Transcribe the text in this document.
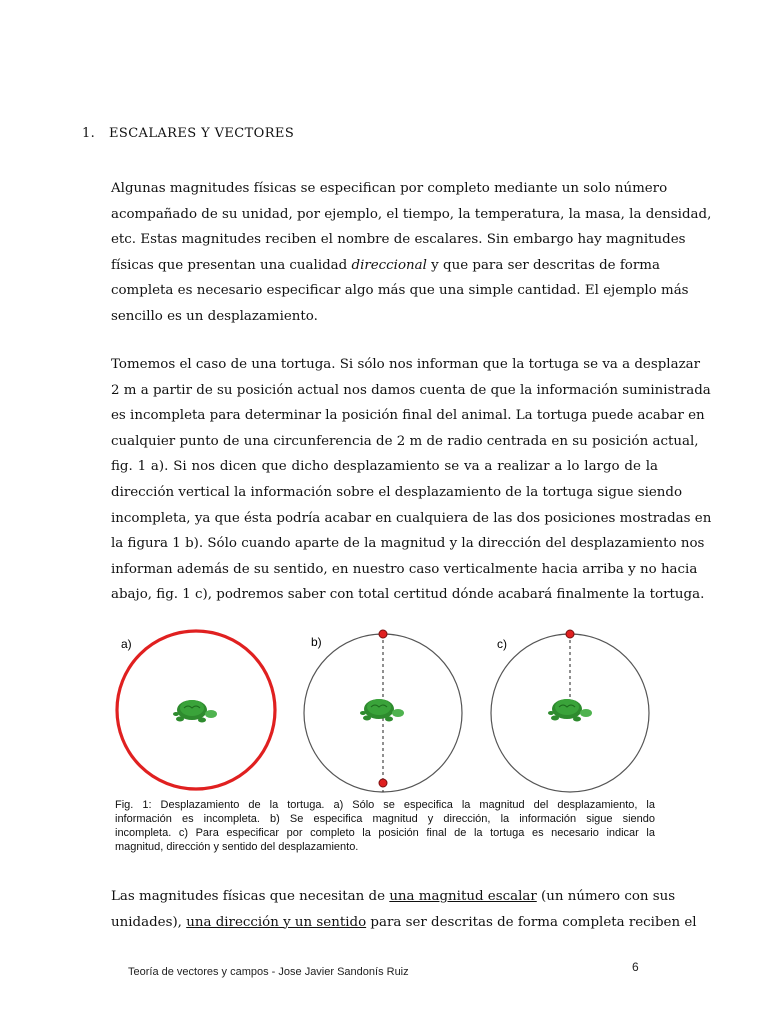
1. ESCALARES Y VECTORES

Algunas magnitudes físicas se especifican por completo mediante un solo número
acompañado de su unidad, por ejemplo, el tiempo, la temperatura, la masa, la densidad,
etc. Estas magnitudes reciben el nombre de escalares. Sin embargo hay magnitudes
físicas que presentan una cualidad direccional y que para ser descritas de forma
completa es necesario especificar algo más que una simple cantidad. El ejemplo más
sencillo es un desplazamiento.

Tomemos el caso de una tortuga. Si sólo nos informan que la tortuga se va a desplazar
2 m a partir de su posición actual nos damos cuenta de que la información suministrada
es incompleta para determinar la posición final del animal. La tortuga puede acabar en
cualquier punto de una circunferencia de 2 m de radio centrada en su posición actual,
fig. 1 a). Si nos dicen que dicho desplazamiento se va a realizar a lo largo de la
dirección vertical la información sobre el desplazamiento de la tortuga sigue siendo
incompleta, ya que ésta podría acabar en cualquiera de las dos posiciones mostradas en
la figura 1 b). Sólo cuando aparte de la magnitud y la dirección del desplazamiento nos
informan además de su sentido, en nuestro caso verticalmente hacia arriba y no hacia
abajo, fig. 1 c), podremos saber con total certitud dónde acabará finalmente la tortuga.

a)	b)	c)

Fig. 1: Desplazamiento de la tortuga. a) Sólo se especifica la magnitud del desplazamiento, la
información es incompleta. b) Se especifica magnitud y dirección, la información sigue siendo
incompleta. c) Para especificar por completo la posición final de la tortuga es necesario indicar la
magnitud, dirección y sentido del desplazamiento.

Las magnitudes físicas que necesitan de una magnitud escalar (un número con sus
unidades), una dirección y un sentido para ser descritas de forma completa reciben el

Teoría de vectores y campos - Jose Javier Sandonís Ruiz	6
